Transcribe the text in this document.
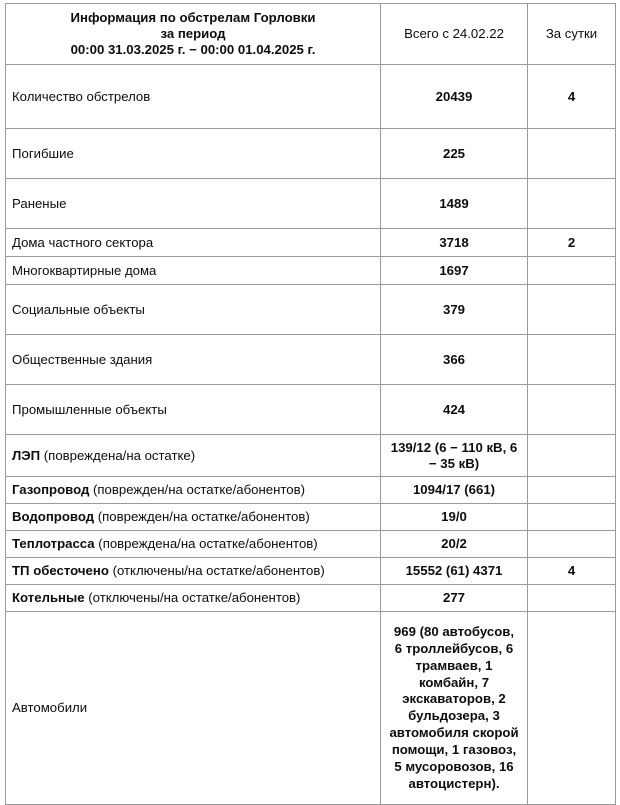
Информация по обстрелам Горловки
за период
00:00 31.03.2025 г. − 00:00 01.04.2025 г.	Всего с 24.02.22	За сутки
Количество обстрелов	20439	4
Погибшие	225	
Раненые	1489	
Дома частного сектора	3718	2
Многоквартирные дома	1697	
Социальные объекты	379	
Общественные здания	366	
Промышленные объекты	424	
ЛЭП (повреждена/на остатке)	139/12 (6 − 110 кВ, 6 − 35 кВ)	
Газопровод (повреждeн/на остатке/абонентов)	1094/17 (661)	
Водопровод (повреждeн/на остатке/абонентов)	19/0	
Теплотрасса (повреждена/на остатке/абонентов)	20/2	
ТП обесточено (отключены/на остатке/абонентов)	15552 (61) 4371	4
Котельные (отключены/на остатке/абонентов)	277	
Автомобили	969 (80 автобусов, 6 троллейбусов, 6 трамваев, 1 комбайн, 7 экскаваторов, 2 бульдозера, 3 автомобиля скорой помощи, 1 газовоз, 5 мусоровозов, 16 автоцистерн).	
